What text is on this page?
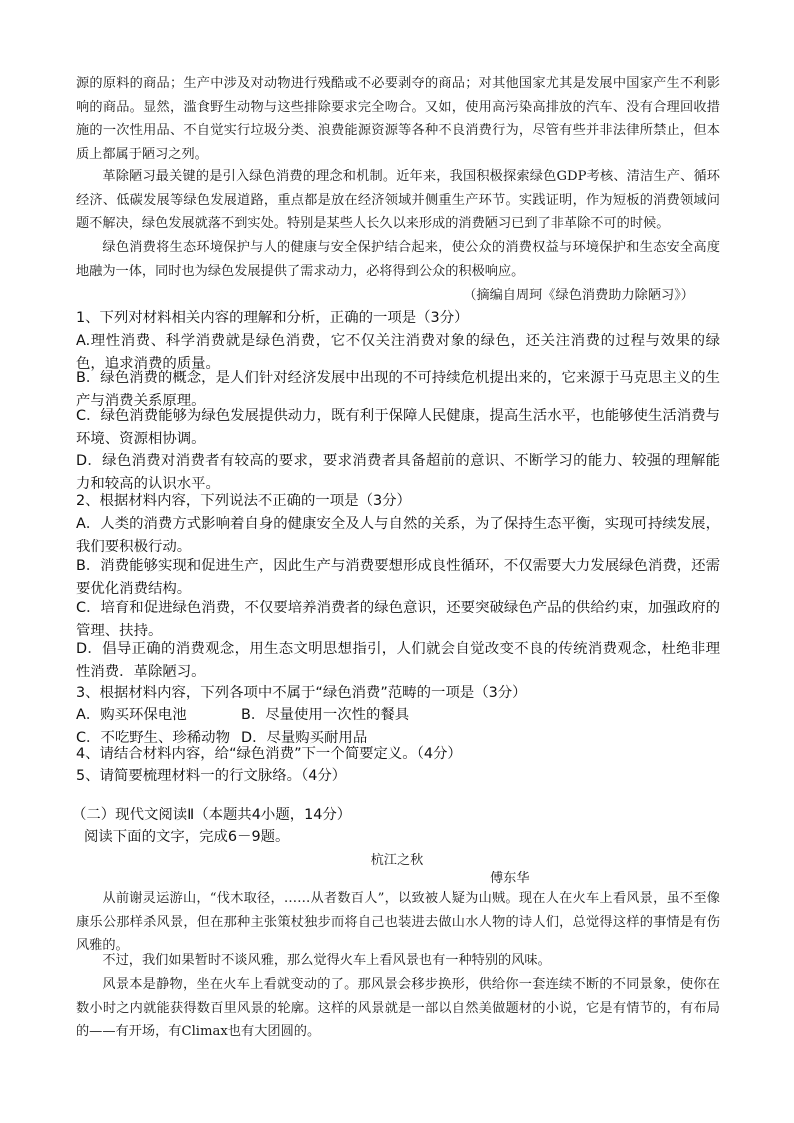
源的原料的商品；生产中涉及对动物进行残酷或不必要剥夺的商品；对其他国家尤其是发展中国家产生不利影响的商品。显然，滥食野生动物与这些排除要求完全吻合。又如，使用高污染高排放的汽车、没有合理回收措施的一次性用品、不自觉实行垃圾分类、浪费能源资源等各种不良消费行为，尽管有些并非法律所禁止，但本质上都属于陋习之列。

革除陋习最关键的是引入绿色消费的理念和机制。近年来，我国积极探索绿色GDP考核、清洁生产、循环经济、低碳发展等绿色发展道路，重点都是放在经济领域并侧重生产环节。实践证明，作为短板的消费领域问题不解决，绿色发展就落不到实处。特别是某些人长久以来形成的消费陋习已到了非革除不可的时候。

绿色消费将生态环境保护与人的健康与安全保护结合起来，使公众的消费权益与环境保护和生态安全高度地融为一体，同时也为绿色发展提供了需求动力，必将得到公众的积极响应。

（摘编自周珂《绿色消费助力除陋习》）

1、下列对材料相关内容的理解和分析，正确的一项是（3分）

A.理性消费、科学消费就是绿色消费，它不仅关注消费对象的绿色，还关注消费的过程与效果的绿色，追求消费的质量。

B．绿色消费的概念，是人们针对经济发展中出现的不可持续危机提出来的，它来源于马克思主义的生产与消费关系原理。

C．绿色消费能够为绿色发展提供动力，既有利于保障人民健康，提高生活水平，也能够使生活消费与环境、资源相协调。

D．绿色消费对消费者有较高的要求，要求消费者具备超前的意识、不断学习的能力、较强的理解能力和较高的认识水平。

2、根据材料内容，下列说法不正确的一项是（3分）

A．人类的消费方式影响着自身的健康安全及人与自然的关系，为了保持生态平衡，实现可持续发展，我们要积极行动。

B．消费能够实现和促进生产，因此生产与消费要想形成良性循环，不仅需要大力发展绿色消费，还需要优化消费结构。

C．培育和促进绿色消费，不仅要培养消费者的绿色意识，还要突破绿色产品的供给约束，加强政府的管理、扶持。

D．倡导正确的消费观念，用生态文明思想指引，人们就会自觉改变不良的传统消费观念，杜绝非理性消费．革除陋习。

3、根据材料内容，下列各项中不属于“绿色消费”范畴的一项是（3分）

A．购买环保电池	B．尽量使用一次性的餐具
C．不吃野生、珍稀动物 D．尽量购买耐用品

4、请结合材料内容，给“绿色消费”下一个简要定义。（4分）

5、请简要梳理材料一的行文脉络。（4分）

（二）现代文阅读Ⅱ（本题共4小题，14分）

阅读下面的文字，完成6－9题。

杭江之秋
傅东华

从前谢灵运游山，“伐木取径，……从者数百人”，以致被人疑为山贼。现在人在火车上看风景，虽不至像康乐公那样杀风景，但在那种主张策杖独步而将自己也装进去做山水人物的诗人们，总觉得这样的事情是有伤风雅的。

不过，我们如果暂时不谈风雅，那么觉得火车上看风景也有一种特别的风味。

风景本是静物，坐在火车上看就变动的了。那风景会移步换形，供给你一套连续不断的不同景象，使你在数小时之内就能获得数百里风景的轮廓。这样的风景就是一部以自然美做题材的小说，它是有情节的，有布局的——有开场，有Climax也有大团圆的。
